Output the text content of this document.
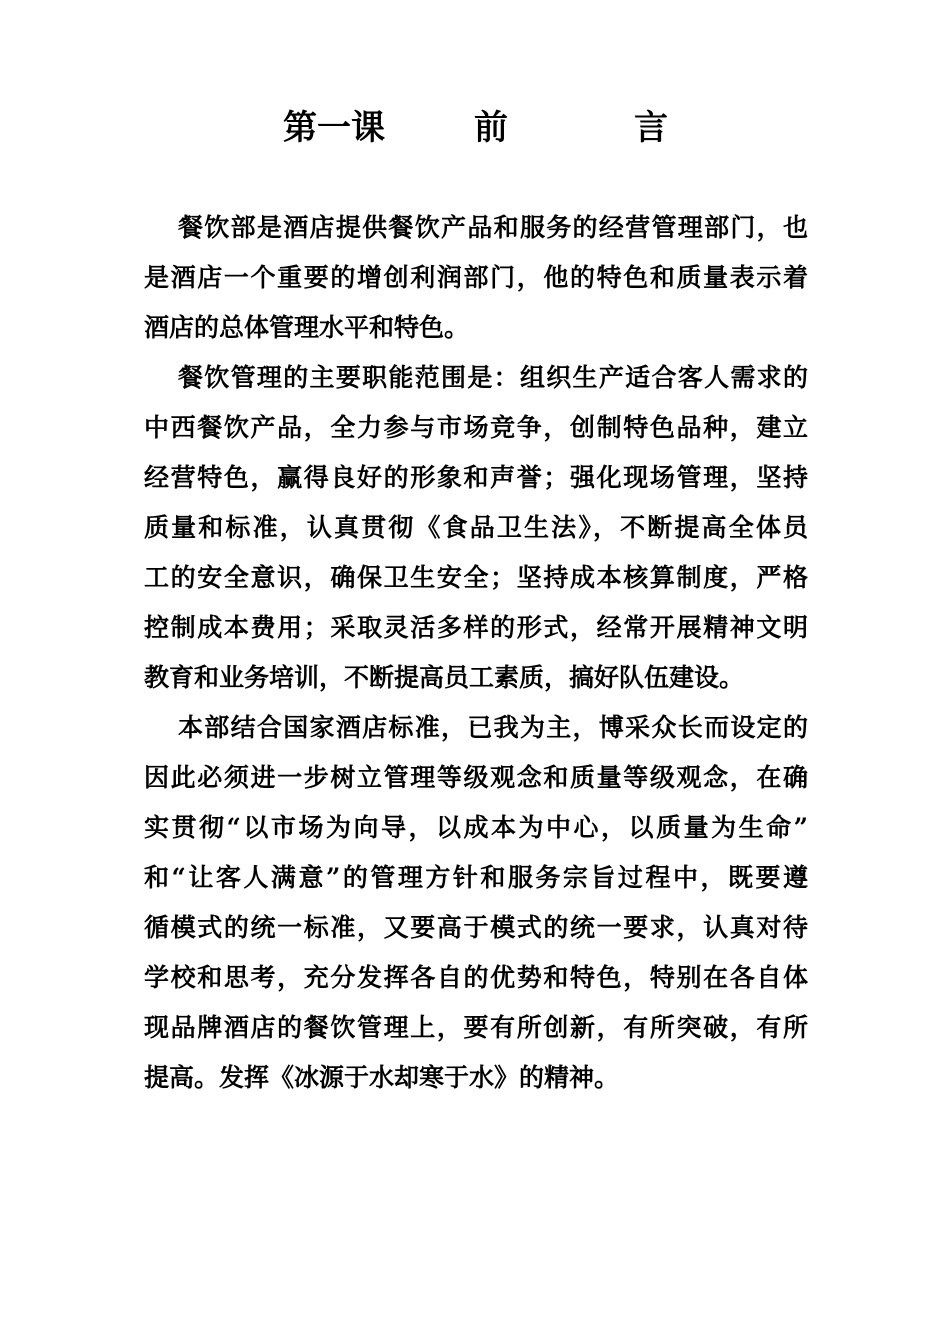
第一课	前	言
餐饮部是酒店提供餐饮产品和服务的经营管理部门，也
是酒店一个重要的增创利润部门，他的特色和质量表示着
酒店的总体管理水平和特色。
餐饮管理的主要职能范围是：组织生产适合客人需求的
中西餐饮产品，全力参与市场竞争，创制特色品种，建立
经营特色，赢得良好的形象和声誉；强化现场管理，坚持
质量和标准，认真贯彻《食品卫生法》，不断提高全体员
工的安全意识，确保卫生安全；坚持成本核算制度，严格
控制成本费用；采取灵活多样的形式，经常开展精神文明
教育和业务培训，不断提高员工素质，搞好队伍建设。
本部结合国家酒店标准，已我为主，博采众长而设定的
因此必须进一步树立管理等级观念和质量等级观念，在确
实贯彻“以市场为向导，以成本为中心，以质量为生命”
和“让客人满意”的管理方针和服务宗旨过程中，既要遵
循模式的统一标准，又要高于模式的统一要求，认真对待
学校和思考，充分发挥各自的优势和特色，特别在各自体
现品牌酒店的餐饮管理上，要有所创新，有所突破，有所
提高。发挥《冰源于水却寒于水》的精神。
